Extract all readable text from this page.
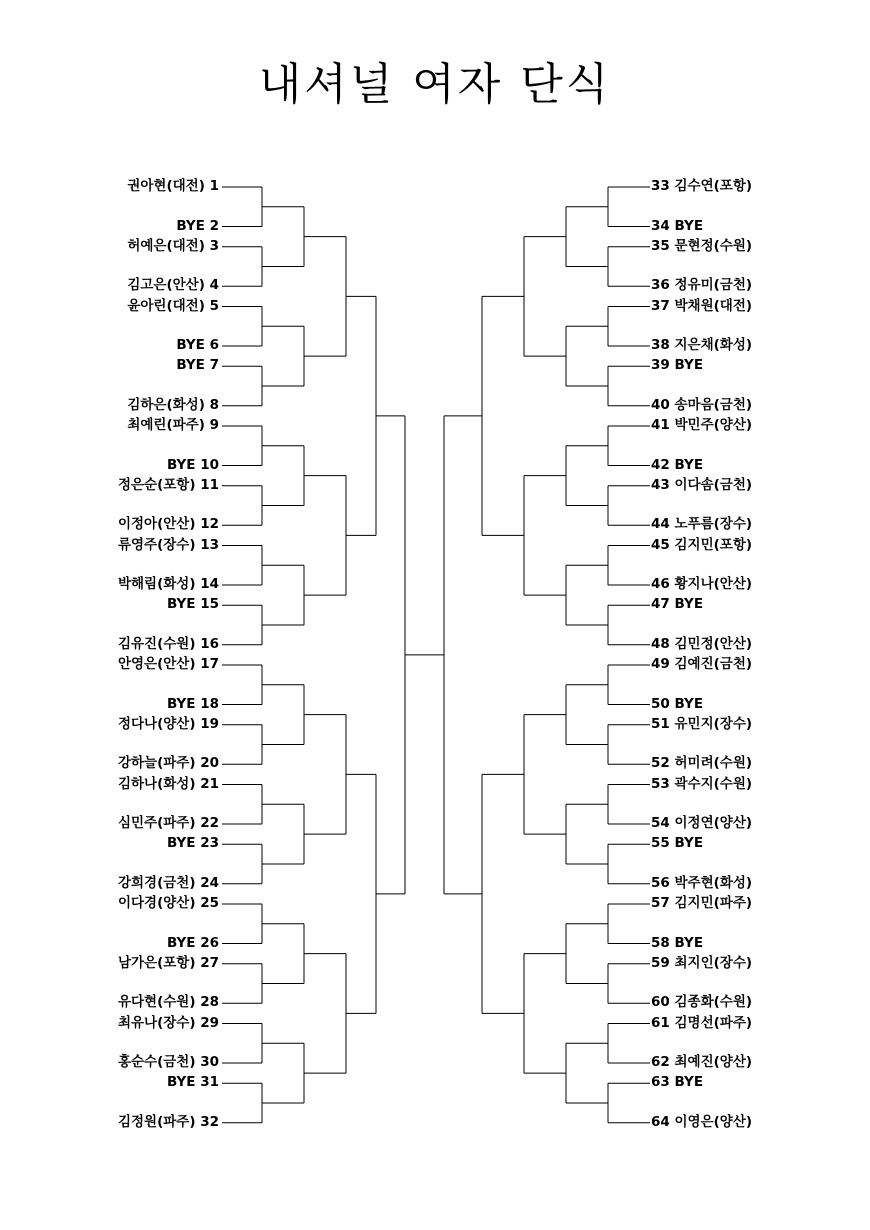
내셔널 여자 단식
권아현(대전) 1
BYE 2
허예은(대전) 3
김고은(안산) 4
윤아린(대전) 5
BYE 6
BYE 7
김하은(화성) 8
최예린(파주) 9
BYE 10
정은순(포항) 11
이정아(안산) 12
류영주(장수) 13
박해림(화성) 14
BYE 15
김유진(수원) 16
안영은(안산) 17
BYE 18
정다나(양산) 19
강하늘(파주) 20
김하나(화성) 21
심민주(파주) 22
BYE 23
강희경(금천) 24
이다경(양산) 25
BYE 26
남가은(포항) 27
유다현(수원) 28
최유나(장수) 29
홍순수(금천) 30
BYE 31
김정원(파주) 32
33 김수연(포항)
34 BYE
35 문현정(수원)
36 정유미(금천)
37 박채원(대전)
38 지은채(화성)
39 BYE
40 송마음(금천)
41 박민주(양산)
42 BYE
43 이다솜(금천)
44 노푸름(장수)
45 김지민(포항)
46 황지나(안산)
47 BYE
48 김민정(안산)
49 김예진(금천)
50 BYE
51 유민지(장수)
52 허미려(수원)
53 곽수지(수원)
54 이정연(양산)
55 BYE
56 박주현(화성)
57 김지민(파주)
58 BYE
59 최지인(장수)
60 김종화(수원)
61 김명선(파주)
62 최예진(양산)
63 BYE
64 이영은(양산)
